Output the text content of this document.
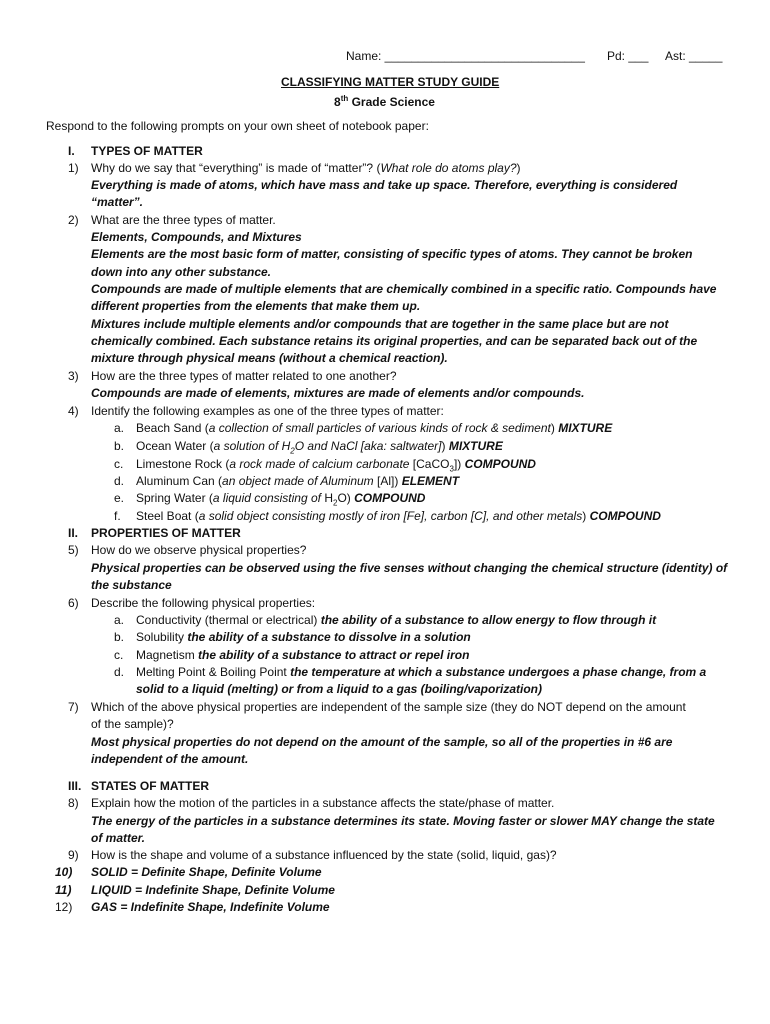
Name: ______________________________ Pd: ___ Ast: _____
CLASSIFYING MATTER STUDY GUIDE
8th Grade Science
Respond to the following prompts on your own sheet of notebook paper:
I. TYPES OF MATTER
1) Why do we say that “everything” is made of “matter”? (What role do atoms play?)
Everything is made of atoms, which have mass and take up space. Therefore, everything is considered
“matter”.
2) What are the three types of matter.
Elements, Compounds, and Mixtures
Elements are the most basic form of matter, consisting of specific types of atoms. They cannot be broken
down into any other substance.
Compounds are made of multiple elements that are chemically combined in a specific ratio. Compounds have
different properties from the elements that make them up.
Mixtures include multiple elements and/or compounds that are together in the same place but are not
chemically combined. Each substance retains its original properties, and can be separated back out of the
mixture through physical means (without a chemical reaction).
3) How are the three types of matter related to one another?
Compounds are made of elements, mixtures are made of elements and/or compounds.
4) Identify the following examples as one of the three types of matter:
a. Beach Sand (a collection of small particles of various kinds of rock & sediment) MIXTURE
b. Ocean Water (a solution of $H_2O$ and NaCl [aka: saltwater]) MIXTURE
c. Limestone Rock (a rock made of calcium carbonate [CaCO$_3$]) COMPOUND
d. Aluminum Can (an object made of Aluminum [Al]) ELEMENT
e. Spring Water (a liquid consisting of $H_2O$) COMPOUND
f. Steel Boat (a solid object consisting mostly of iron [Fe], carbon [C], and other metals) COMPOUND
II. PROPERTIES OF MATTER
5) How do we observe physical properties?
Physical properties can be observed using the five senses without changing the chemical structure (identity) of
the substance
6) Describe the following physical properties:
a. Conductivity (thermal or electrical) the ability of a substance to allow energy to flow through it
b. Solubility the ability of a substance to dissolve in a solution
c. Magnetism the ability of a substance to attract or repel iron
d. Melting Point & Boiling Point the temperature at which a substance undergoes a phase change, from a
solid to a liquid (melting) or from a liquid to a gas (boiling/vaporization)
7) Which of the above physical properties are independent of the sample size (they do NOT depend on the amount
of the sample)?
Most physical properties do not depend on the amount of the sample, so all of the properties in #6 are
independent of the amount.
III. STATES OF MATTER
8) Explain how the motion of the particles in a substance affects the state/phase of matter.
The energy of the particles in a substance determines its state. Moving faster or slower MAY change the state
of matter.
9) How is the shape and volume of a substance influenced by the state (solid, liquid, gas)?
10) SOLID = Definite Shape, Definite Volume
11) LIQUID = Indefinite Shape, Definite Volume
12) GAS = Indefinite Shape, Indefinite Volume
